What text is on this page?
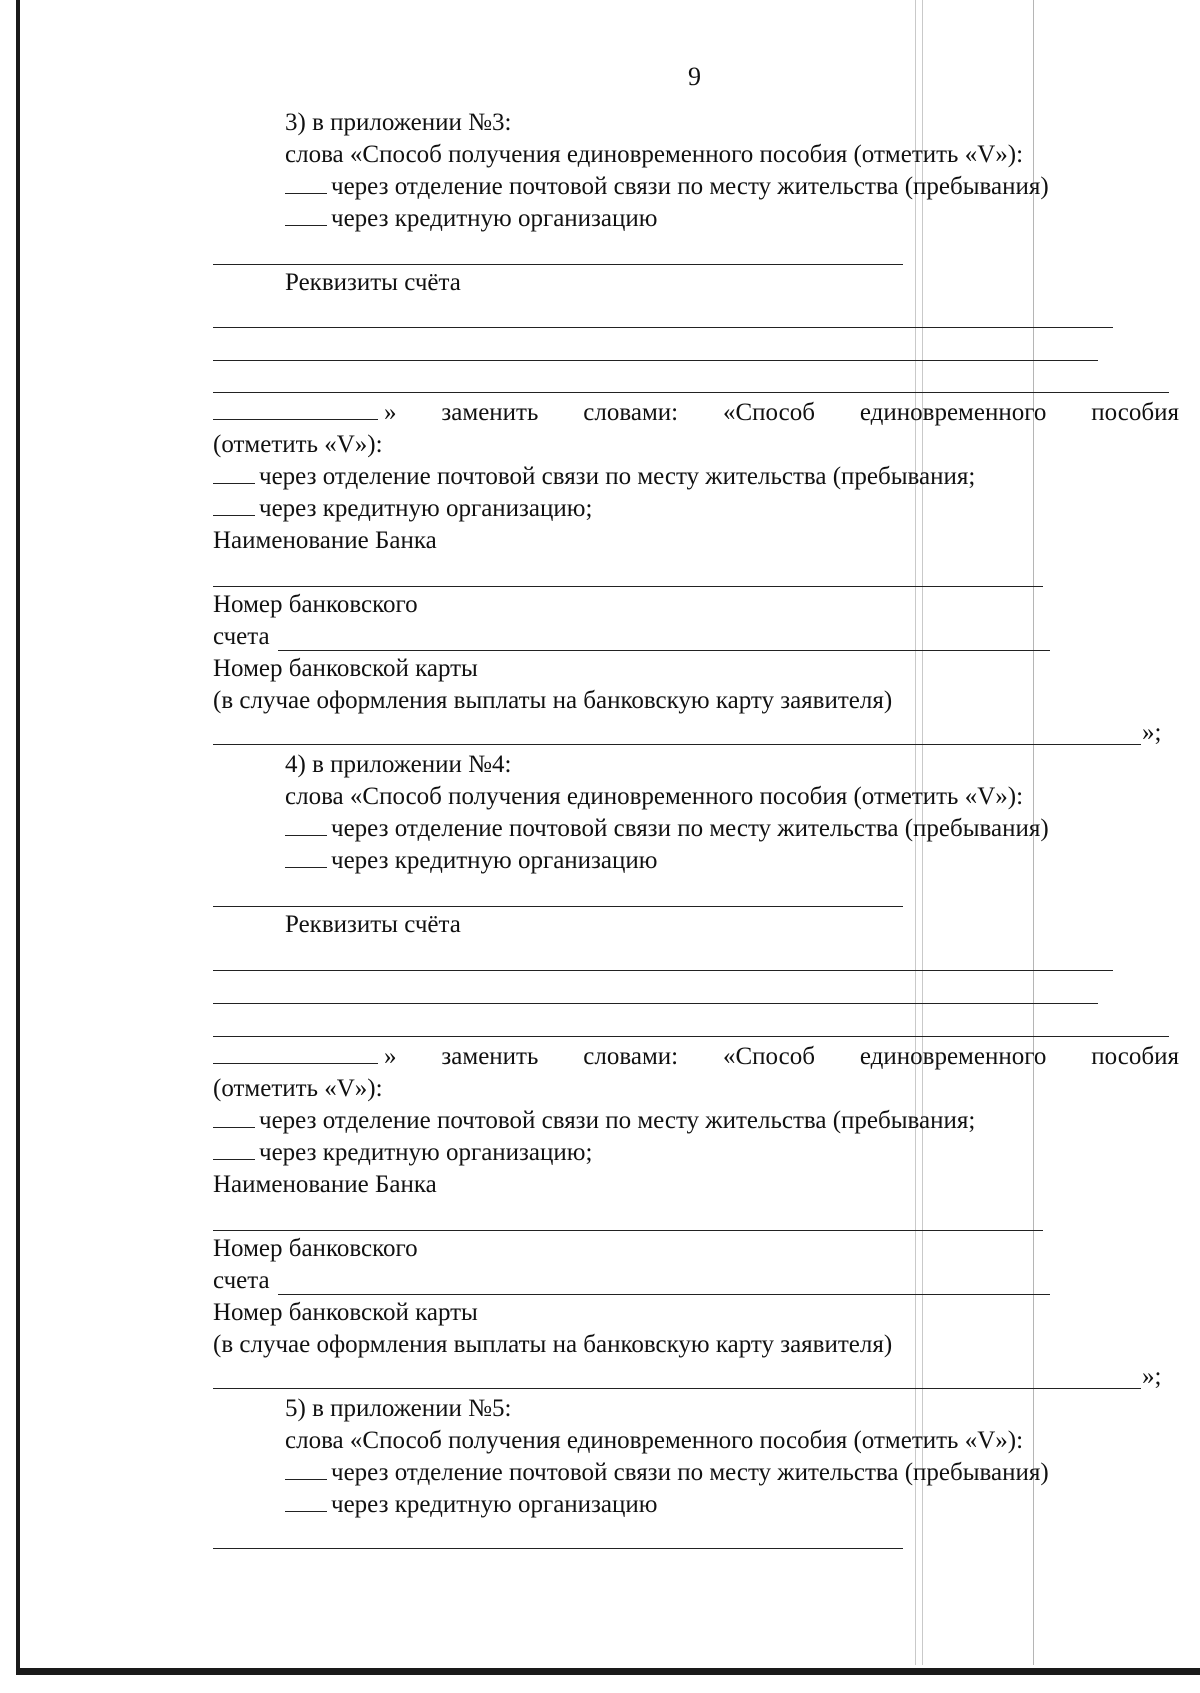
9
3) в приложении №3:
слова «Способ получения единовременного пособия (отметить «V»):
через отделение почтовой связи по месту жительства (пребывания)
через кредитную организацию
Реквизиты счёта
» заменить словами: «Способ единовременного пособия
(отметить «V»):
через отделение почтовой связи по месту жительства (пребывания;
через кредитную организацию;
Наименование Банка
Номер банковского
счета
Номер банковской карты
(в случае оформления выплаты на банковскую карту заявителя)
»;
4) в приложении №4:
слова «Способ получения единовременного пособия (отметить «V»):
через отделение почтовой связи по месту жительства (пребывания)
через кредитную организацию
Реквизиты счёта
» заменить словами: «Способ единовременного пособия
(отметить «V»):
через отделение почтовой связи по месту жительства (пребывания;
через кредитную организацию;
Наименование Банка
Номер банковского
счета
Номер банковской карты
(в случае оформления выплаты на банковскую карту заявителя)
»;
5) в приложении №5:
слова «Способ получения единовременного пособия (отметить «V»):
через отделение почтовой связи по месту жительства (пребывания)
через кредитную организацию
